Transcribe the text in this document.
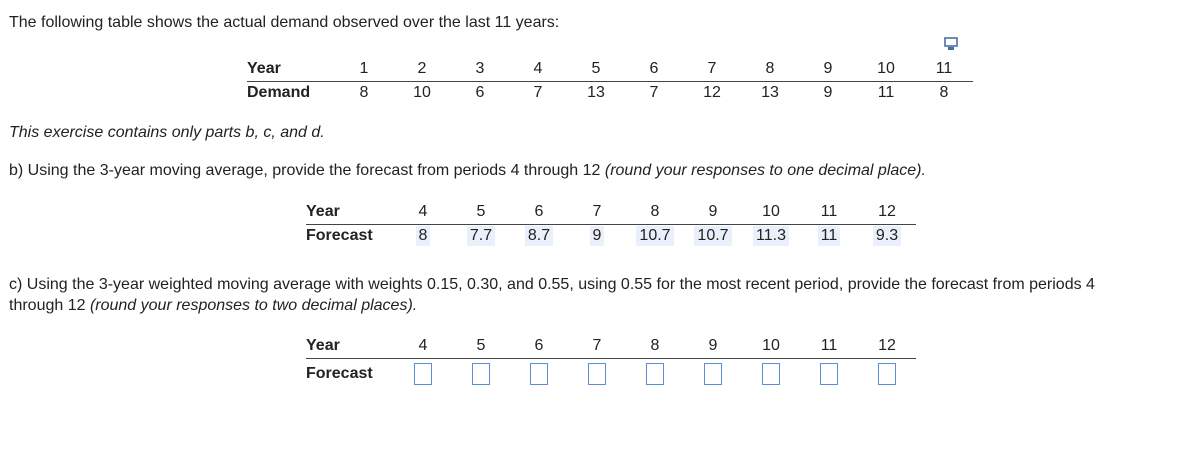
The following table shows the actual demand observed over the last 11 years:
Year	1	2	3	4	5	6	7	8	9	10	11
Demand	8	10	6	7	13	7	12	13	9	11	8
This exercise contains only parts b, c, and d.
b) Using the 3-year moving average, provide the forecast from periods 4 through 12 (round your responses to one decimal place).
Year	4	5	6	7	8	9	10	11	12
Forecast	8	7.7	8.7	9	10.7	10.7	11.3	11	9.3
c) Using the 3-year weighted moving average with weights 0.15, 0.30, and 0.55, using 0.55 for the most recent period, provide the forecast from periods 4
through 12 (round your responses to two decimal places).
Year	4	5	6	7	8	9	10	11	12
Forecast									
